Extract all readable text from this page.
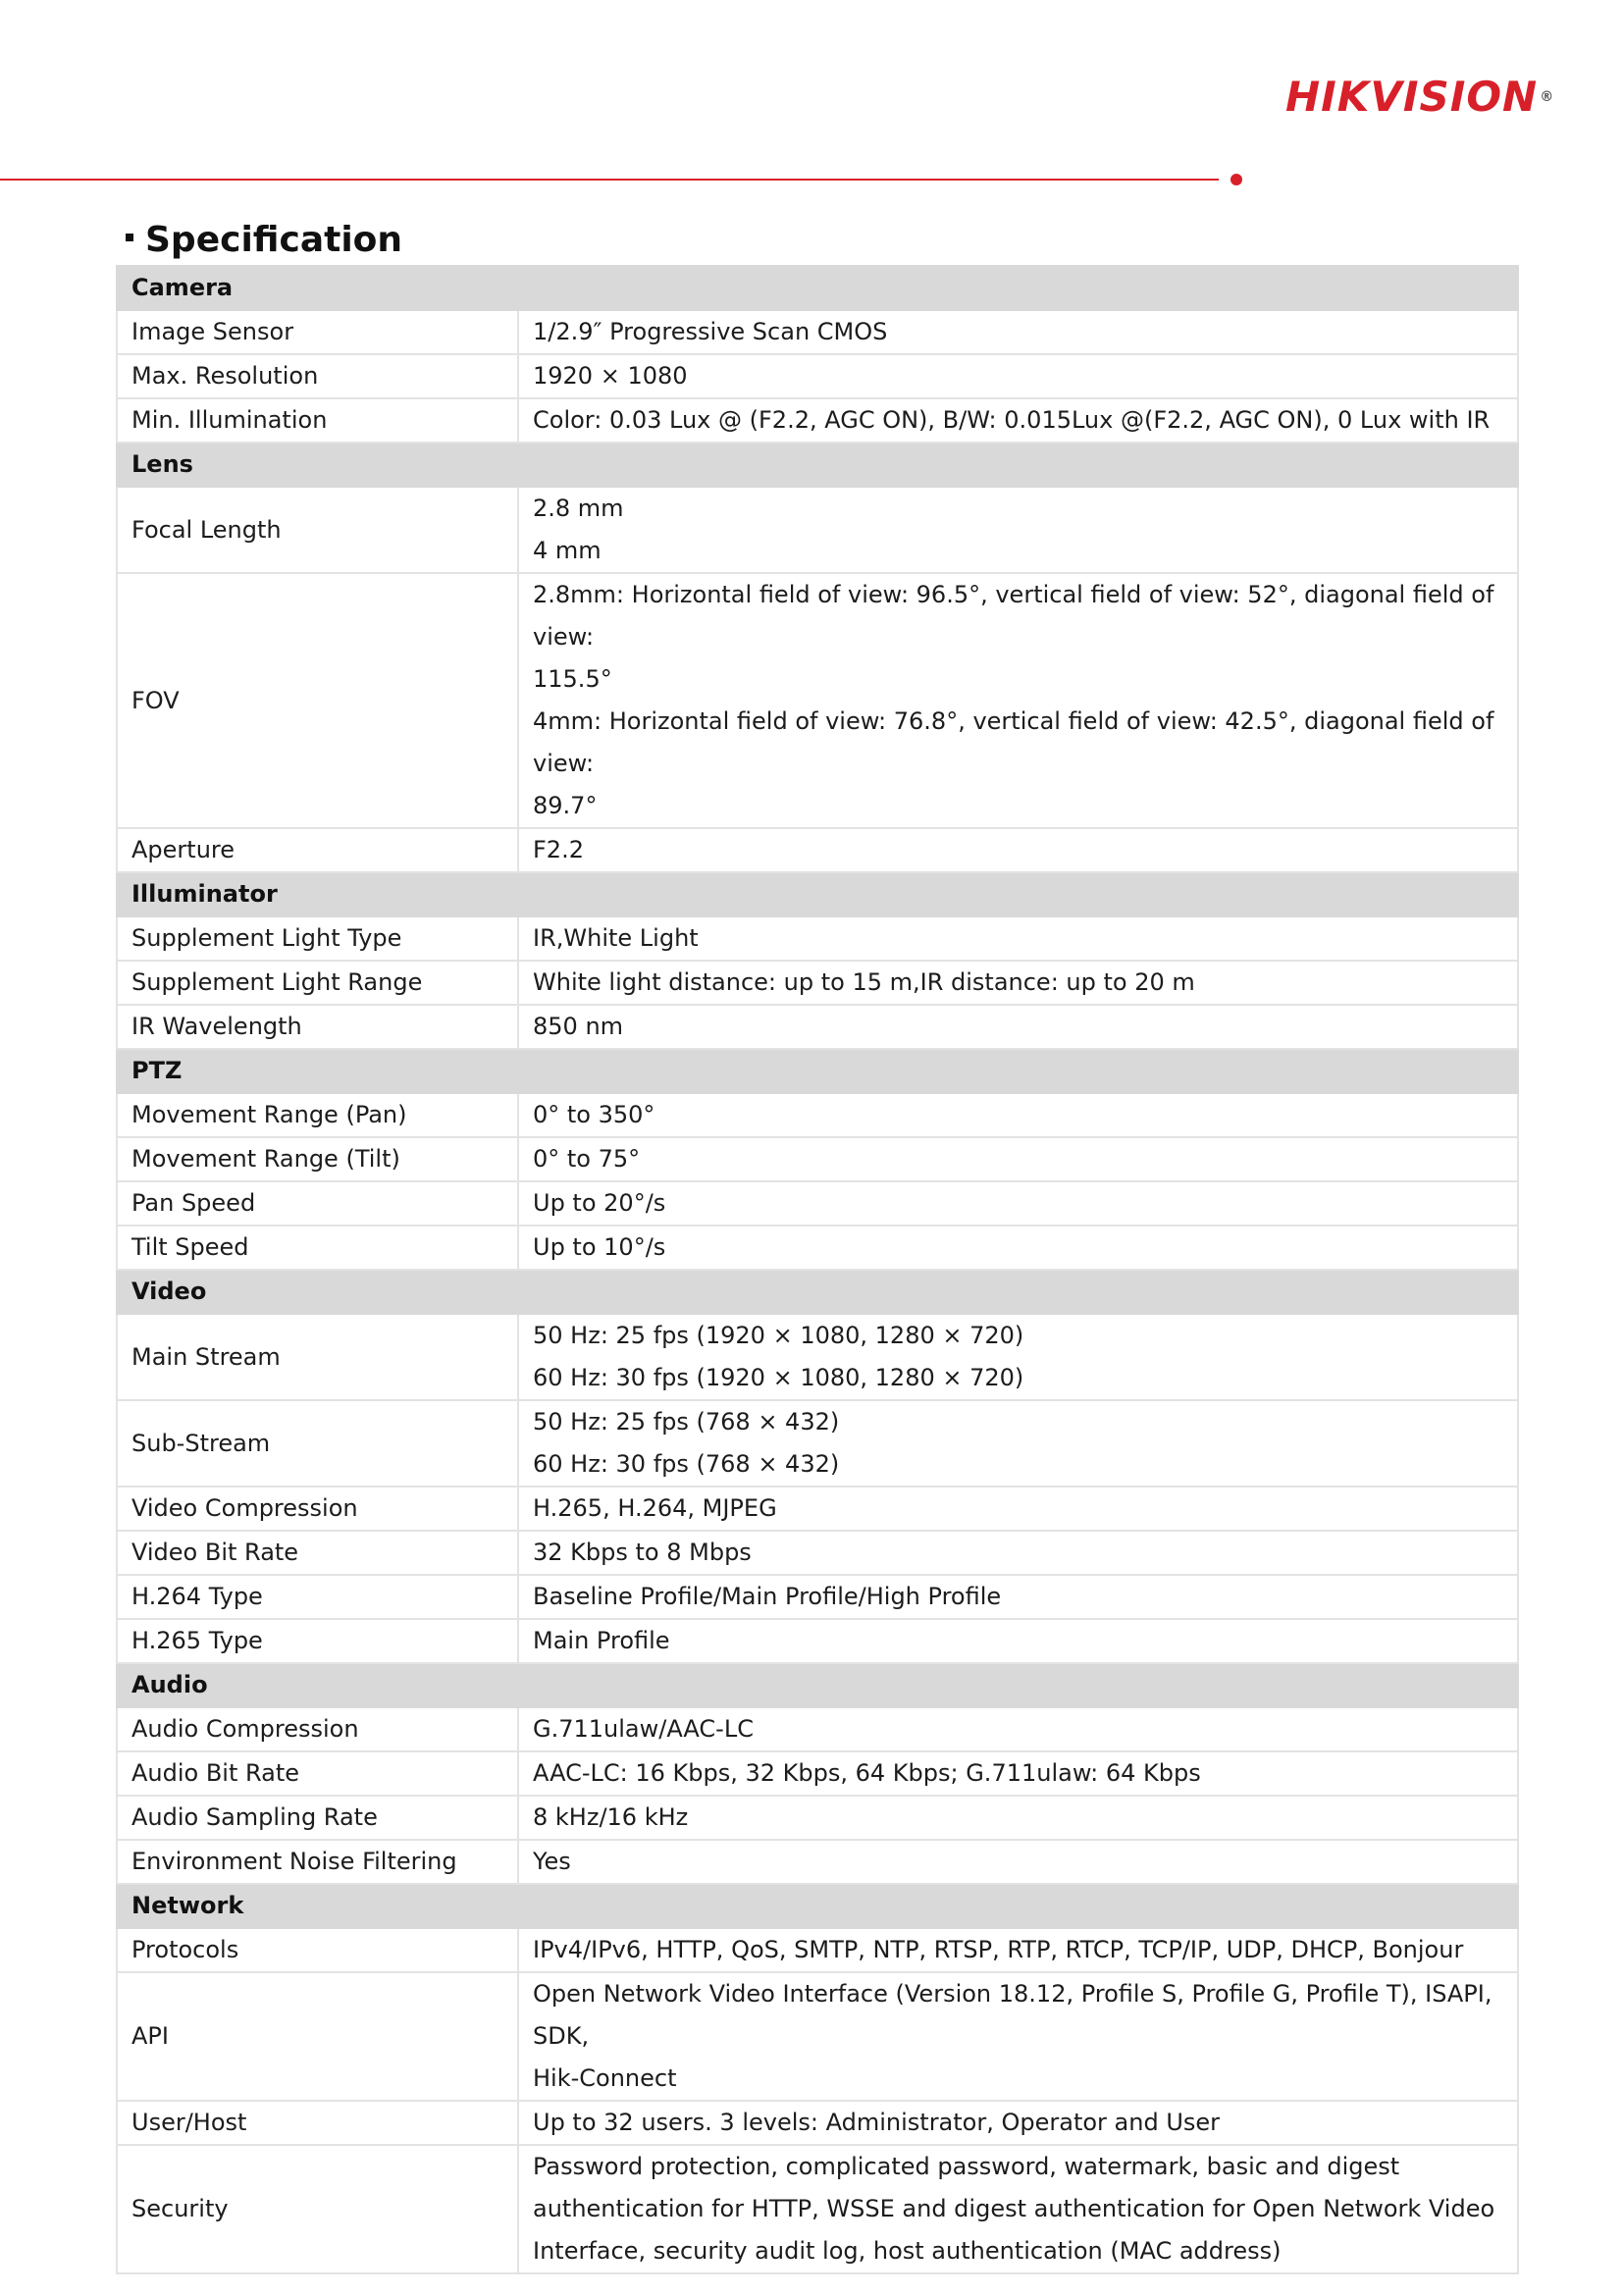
HIKVISION ®
Specification
Camera	
Image Sensor	1/2.9″ Progressive Scan CMOS

Max. Resolution	1920 × 1080

Min. Illumination	Color: 0.03 Lux @ (F2.2, AGC ON), B/W: 0.015Lux @(F2.2, AGC ON), 0 Lux with IR

Lens	
Focal Length	2.8 mm
4 mm

FOV	2.8mm: Horizontal field of view: 96.5°, vertical field of view: 52°, diagonal field of view:
115.5°
4mm: Horizontal field of view: 76.8°, vertical field of view: 42.5°, diagonal field of view:
89.7°

Aperture	F2.2

Illuminator	
Supplement Light Type	IR,White Light

Supplement Light Range	White light distance: up to 15 m,IR distance: up to 20 m

IR Wavelength	850 nm

PTZ	
Movement Range (Pan)	0° to 350°

Movement Range (Tilt)	0° to 75°

Pan Speed	Up to 20°/s

Tilt Speed	Up to 10°/s

Video	
Main Stream	50 Hz: 25 fps (1920 × 1080, 1280 × 720)
60 Hz: 30 fps (1920 × 1080, 1280 × 720)

Sub-Stream	50 Hz: 25 fps (768 × 432)
60 Hz: 30 fps (768 × 432)

Video Compression	H.265, H.264, MJPEG

Video Bit Rate	32 Kbps to 8 Mbps

H.264 Type	Baseline Profile/Main Profile/High Profile

H.265 Type	Main Profile

Audio	
Audio Compression	G.711ulaw/AAC-LC

Audio Bit Rate	AAC-LC: 16 Kbps, 32 Kbps, 64 Kbps; G.711ulaw: 64 Kbps

Audio Sampling Rate	8 kHz/16 kHz

Environment Noise Filtering	Yes

Network	
Protocols	IPv4/IPv6, HTTP, QoS, SMTP, NTP, RTSP, RTP, RTCP, TCP/IP, UDP, DHCP, Bonjour

API	Open Network Video Interface (Version 18.12, Profile S, Profile G, Profile T), ISAPI, SDK,
Hik-Connect

User/Host	Up to 32 users. 3 levels: Administrator, Operator and User

Security	Password protection, complicated password, watermark, basic and digest
authentication for HTTP, WSSE and digest authentication for Open Network Video
Interface, security audit log, host authentication (MAC address)
